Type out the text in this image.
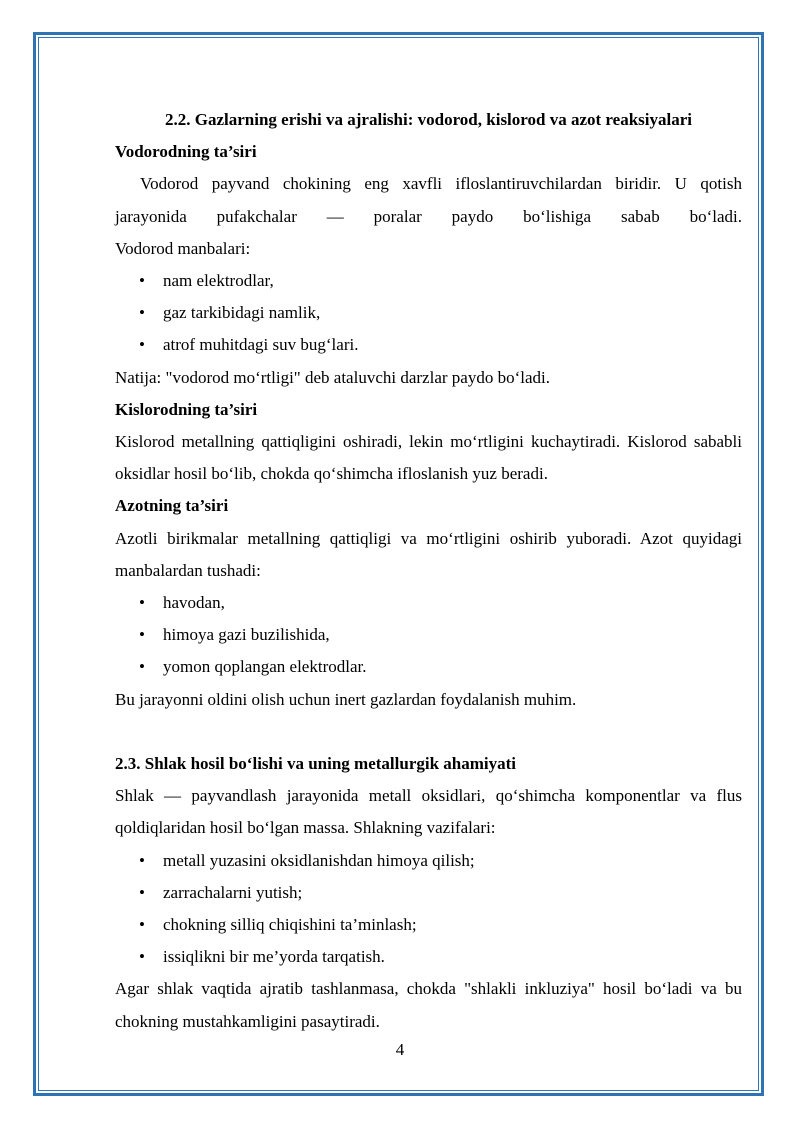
2.2. Gazlarning erishi va ajralishi: vodorod, kislorod va azot reaksiyalari

Vodorodning ta’siri

Vodorod payvand chokining eng xavfli ifloslantiruvchilardan biridir. U qotish

jarayonida pufakchalar — poralar paydo bo‘lishiga sabab bo‘ladi.

Vodorod manbalari:

• nam elektrodlar,
• gaz tarkibidagi namlik,
• atrof muhitdagi suv bug‘lari.

Natija: "vodorod mo‘rtligi" deb ataluvchi darzlar paydo bo‘ladi.

Kislorodning ta’siri

Kislorod metallning qattiqligini oshiradi, lekin mo‘rtligini kuchaytiradi. Kislorod sababli oksidlar hosil bo‘lib, chokda qo‘shimcha ifloslanish yuz beradi.

Azotning ta’siri

Azotli birikmalar metallning qattiqligi va mo‘rtligini oshirib yuboradi. Azot quyidagi manbalardan tushadi:

• havodan,
• himoya gazi buzilishida,
• yomon qoplangan elektrodlar.

Bu jarayonni oldini olish uchun inert gazlardan foydalanish muhim.

2.3. Shlak hosil bo‘lishi va uning metallurgik ahamiyati

Shlak — payvandlash jarayonida metall oksidlari, qo‘shimcha komponentlar va flus qoldiqlaridan hosil bo‘lgan massa. Shlakning vazifalari:

• metall yuzasini oksidlanishdan himoya qilish;
• zarrachalarni yutish;
• chokning silliq chiqishini ta’minlash;
• issiqlikni bir me’yorda tarqatish.

Agar shlak vaqtida ajratib tashlanmasa, chokda "shlakli inkluziya" hosil bo‘ladi va bu chokning mustahkamligini pasaytiradi.

4
